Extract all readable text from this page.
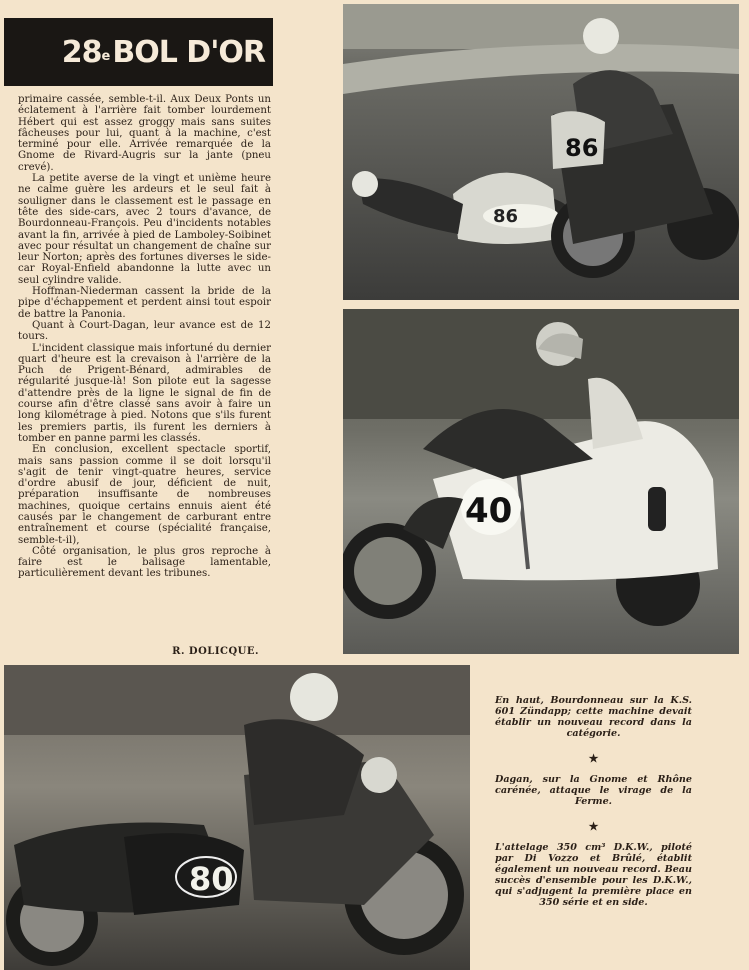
28e BOL D'OR

primaire cassée, semble-t-il. Aux Deux Ponts un éclatement à l'arrière fait tomber lourdement Hébert qui est assez groggy mais sans suites fâcheuses pour lui, quant à la machine, c'est terminé pour elle. Arrivée remarquée de la Gnome de Rivard-Augris sur la jante (pneu crevé).

La petite averse de la vingt et unième heure ne calme guère les ardeurs et le seul fait à souligner dans le classement est le passage en tête des side-cars, avec 2 tours d'avance, de Bourdonneau-François. Peu d'incidents notables avant la fin, arrivée à pied de Lamboley-Soibinet avec pour résultat un changement de chaîne sur leur Norton; après des fortunes diverses le side-car Royal-Enfield abandonne la lutte avec un seul cylindre valide.

Hoffman-Niederman cassent la bride de la pipe d'échappement et perdent ainsi tout espoir de battre la Panonia.

Quant à Court-Dagan, leur avance est de 12 tours.

L'incident classique mais infortuné du dernier quart d'heure est la crevaison à l'arrière de la Puch de Prigent-Bénard, admirables de régularité jusque-là! Son pilote eut la sagesse d'attendre près de la ligne le signal de fin de course afin d'être classé sans avoir à faire un long kilométrage à pied. Notons que s'ils furent les premiers partis, ils furent les derniers à tomber en panne parmi les classés.

En conclusion, excellent spectacle sportif, mais sans passion comme il se doit lorsqu'il s'agit de tenir vingt-quatre heures, service d'ordre abusif de jour, déficient de nuit, préparation insuffisante de nombreuses machines, quoique certains ennuis aient été causés par le changement de carburant entre entraînement et course (spécialité française, semble-t-il),

Côté organisation, le plus gros reproche à faire est le balisage lamentable, particulièrement devant les tribunes.

R. DOLICQUE.
86
86
40
80

En haut, Bourdonneau sur la K.S. 601 Zündapp; cette machine devait établir un nouveau record dans la catégorie.

★

Dagan, sur la Gnome et Rhône carénée, attaque le virage de la Ferme.

★

L'attelage 350 cm³ D.K.W., piloté par Di Vozzo et Brûlé, établit également un nouveau record. Beau succès d'ensemble pour les D.K.W., qui s'adjugent la première place en 350 série et en side.
